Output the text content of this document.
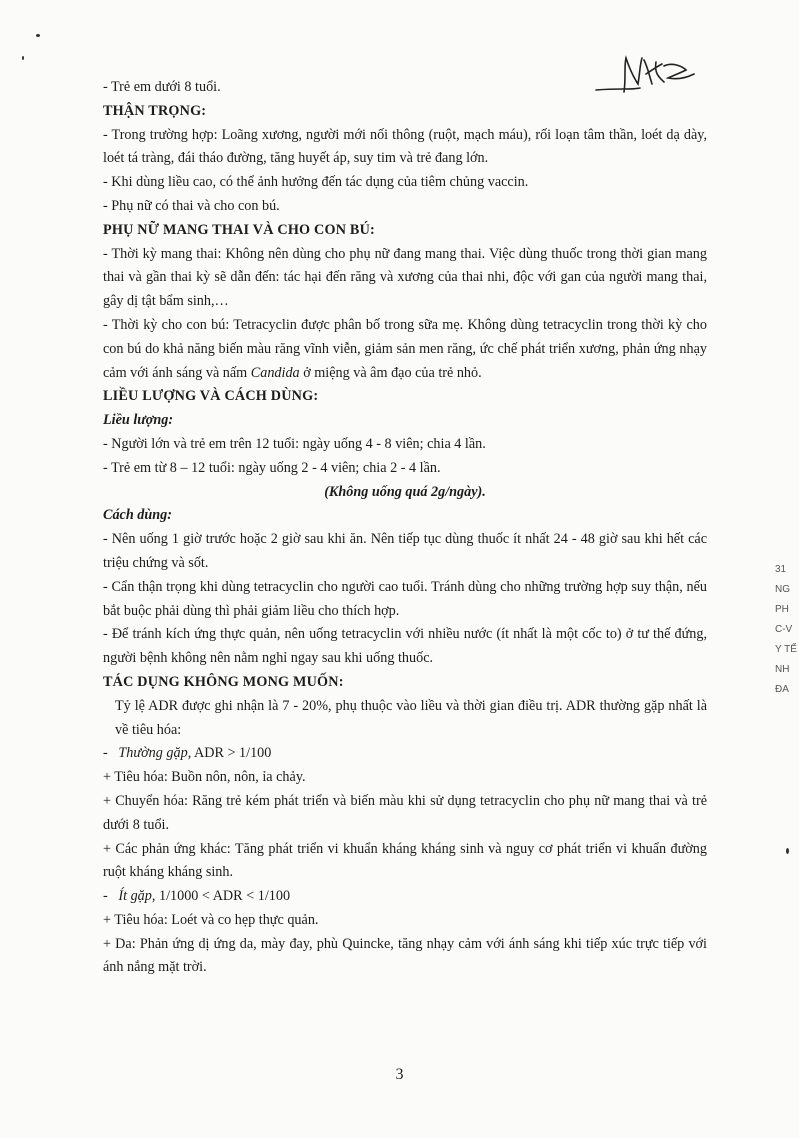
- Trẻ em dưới 8 tuổi.
THẬN TRỌNG:
- Trong trường hợp: Loãng xương, người mới nối thông (ruột, mạch máu), rối loạn tâm thần, loét dạ dày, loét tá tràng, đái tháo đường, tăng huyết áp, suy tim và trẻ đang lớn.
- Khi dùng liều cao, có thể ảnh hưởng đến tác dụng của tiêm chủng vaccin.
- Phụ nữ có thai và cho con bú.
PHỤ NỮ MANG THAI VÀ CHO CON BÚ:
- Thời kỳ mang thai: Không nên dùng cho phụ nữ đang mang thai. Việc dùng thuốc trong thời gian mang thai và gần thai kỳ sẽ dẫn đến: tác hại đến răng và xương của thai nhi, độc với gan của người mang thai, gây dị tật bẩm sinh,…
- Thời kỳ cho con bú: Tetracyclin được phân bố trong sữa mẹ. Không dùng tetracyclin trong thời kỳ cho con bú do khả năng biến màu răng vĩnh viễn, giảm sản men răng, ức chế phát triển xương, phản ứng nhạy cảm với ánh sáng và nấm Candida ở miệng và âm đạo của trẻ nhỏ.
LIỀU LƯỢNG VÀ CÁCH DÙNG:
Liều lượng:
- Người lớn và trẻ em trên 12 tuổi: ngày uống 4 - 8 viên; chia 4 lần.
- Trẻ em từ 8 – 12 tuổi: ngày uống 2 - 4 viên; chia 2 - 4 lần.
(Không uống quá 2g/ngày).
Cách dùng:
- Nên uống 1 giờ trước hoặc 2 giờ sau khi ăn. Nên tiếp tục dùng thuốc ít nhất 24 - 48 giờ sau khi hết các triệu chứng và sốt.
- Cẩn thận trọng khi dùng tetracyclin cho người cao tuổi. Tránh dùng cho những trường hợp suy thận, nếu bắt buộc phải dùng thì phải giảm liều cho thích hợp.
- Để tránh kích ứng thực quản, nên uống tetracyclin với nhiều nước (ít nhất là một cốc to) ở tư thế đứng, người bệnh không nên nằm nghỉ ngay sau khi uống thuốc.
TÁC DỤNG KHÔNG MONG MUỐN:
Tỷ lệ ADR được ghi nhận là 7 - 20%, phụ thuộc vào liều và thời gian điều trị. ADR thường gặp nhất là về tiêu hóa:
-   Thường gặp, ADR > 1/100
+ Tiêu hóa: Buồn nôn, nôn, ỉa chảy.
+ Chuyển hóa: Răng trẻ kém phát triển và biến màu khi sử dụng tetracyclin cho phụ nữ mang thai và trẻ dưới 8 tuổi.
+ Các phản ứng khác: Tăng phát triển vi khuẩn kháng kháng sinh và nguy cơ phát triển vi khuẩn đường ruột kháng kháng sinh.
-   Ít gặp, 1/1000 < ADR < 1/100
+ Tiêu hóa: Loét và co hẹp thực quản.
+ Da: Phản ứng dị ứng da, mày đay, phù Quincke, tăng nhạy cảm với ánh sáng khi tiếp xúc trực tiếp với ánh nắng mặt trời.
3
31
NG
PH
C-V
Y TẾ
NH
ĐA
